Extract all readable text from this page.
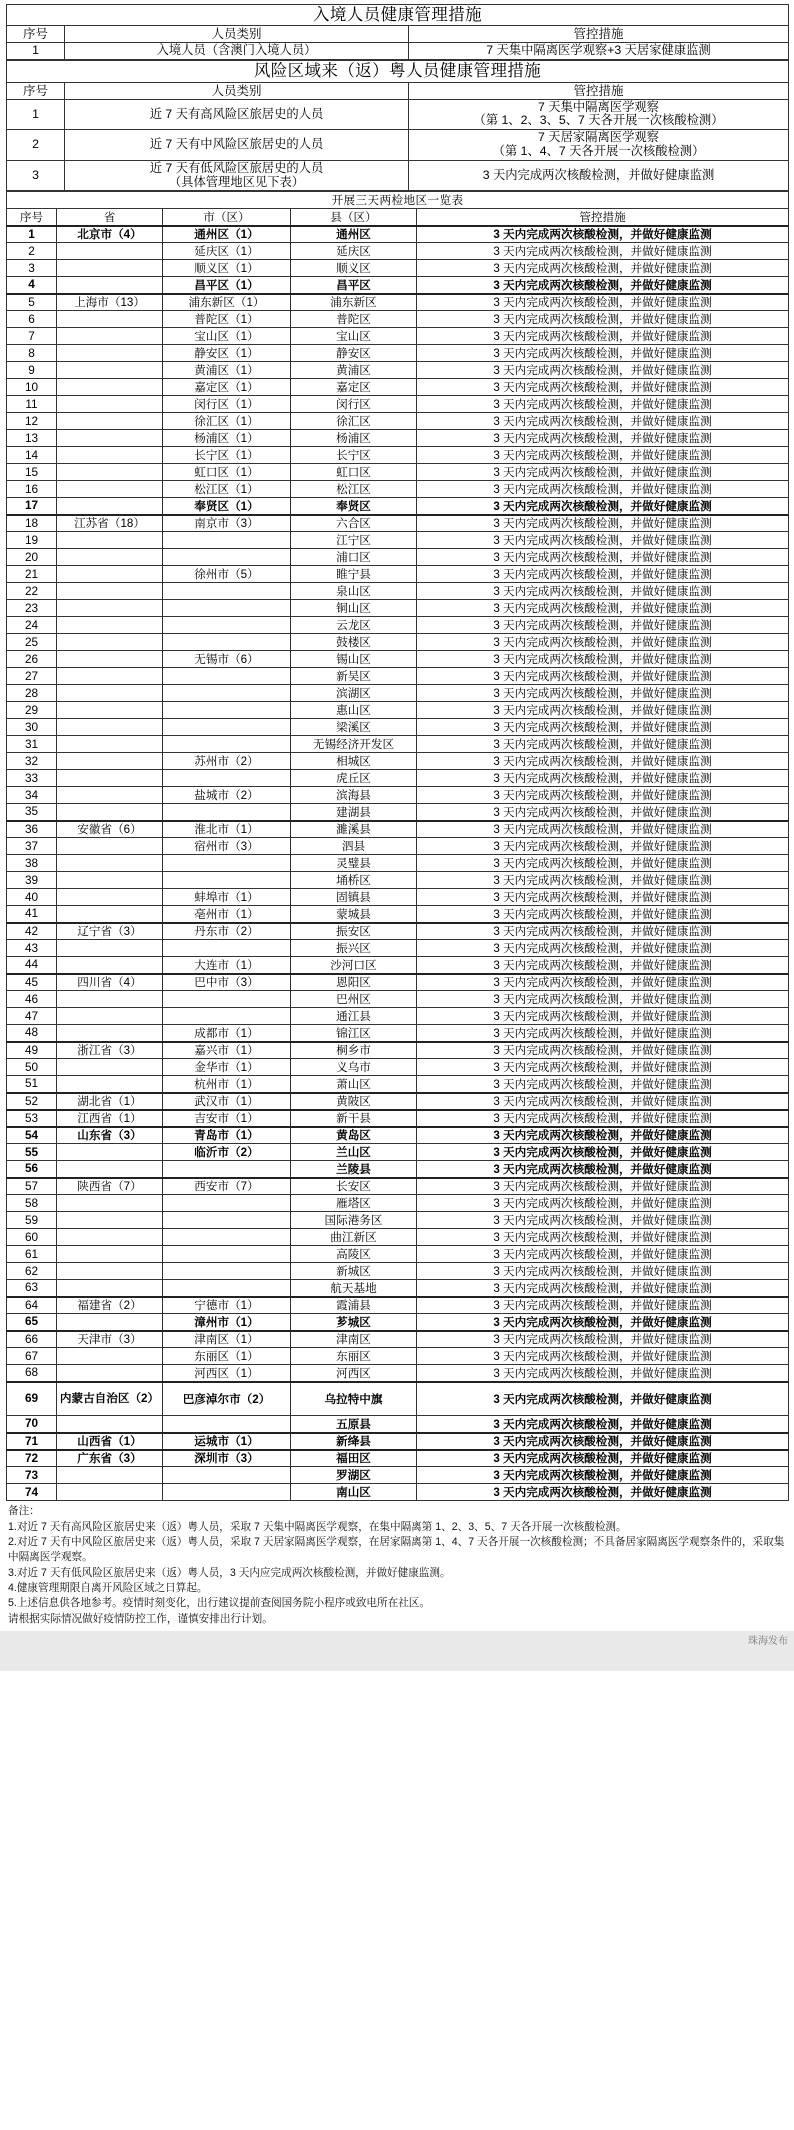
入境人员健康管理措施		
序号	人员类别	管控措施
1	入境人员（含澳门入境人员）	7 天集中隔离医学观察+3 天居家健康监测
风险区域来（返）粤人员健康管理措施		
序号	人员类别	管控措施
1	近 7 天有高风险区旅居史的人员	7 天集中隔离医学观察
（第 1、2、3、5、7 天各开展一次核酸检测）

2	近 7 天有中风险区旅居史的人员	7 天居家隔离医学观察
（第 1、4、7 天各开展一次核酸检测）

3	近 7 天有低风险区旅居史的人员
（具体管理地区见下表）	3 天内完成两次核酸检测，并做好健康监测
开展三天两检地区一览表				
序号	省	市（区）	县（区）	管控措施
1	北京市（4）	通州区（1）	通州区	3 天内完成两次核酸检测，并做好健康监测
2		延庆区（1）	延庆区	3 天内完成两次核酸检测，并做好健康监测
3		顺义区（1）	顺义区	3 天内完成两次核酸检测，并做好健康监测
4		昌平区（1）	昌平区	3 天内完成两次核酸检测，并做好健康监测
5	上海市（13）	浦东新区（1）	浦东新区	3 天内完成两次核酸检测，并做好健康监测
6		普陀区（1）	普陀区	3 天内完成两次核酸检测，并做好健康监测
7		宝山区（1）	宝山区	3 天内完成两次核酸检测，并做好健康监测
8		静安区（1）	静安区	3 天内完成两次核酸检测，并做好健康监测
9		黄浦区（1）	黄浦区	3 天内完成两次核酸检测，并做好健康监测
10		嘉定区（1）	嘉定区	3 天内完成两次核酸检测，并做好健康监测
11		闵行区（1）	闵行区	3 天内完成两次核酸检测，并做好健康监测
12		徐汇区（1）	徐汇区	3 天内完成两次核酸检测，并做好健康监测
13		杨浦区（1）	杨浦区	3 天内完成两次核酸检测，并做好健康监测
14		长宁区（1）	长宁区	3 天内完成两次核酸检测，并做好健康监测
15		虹口区（1）	虹口区	3 天内完成两次核酸检测，并做好健康监测
16		松江区（1）	松江区	3 天内完成两次核酸检测，并做好健康监测
17		奉贤区（1）	奉贤区	3 天内完成两次核酸检测，并做好健康监测
18	江苏省（18）	南京市（3）	六合区	3 天内完成两次核酸检测，并做好健康监测
19			江宁区	3 天内完成两次核酸检测，并做好健康监测
20			浦口区	3 天内完成两次核酸检测，并做好健康监测
21		徐州市（5）	睢宁县	3 天内完成两次核酸检测，并做好健康监测
22			泉山区	3 天内完成两次核酸检测，并做好健康监测
23			铜山区	3 天内完成两次核酸检测，并做好健康监测
24			云龙区	3 天内完成两次核酸检测，并做好健康监测
25			鼓楼区	3 天内完成两次核酸检测，并做好健康监测
26		无锡市（6）	锡山区	3 天内完成两次核酸检测，并做好健康监测
27			新吴区	3 天内完成两次核酸检测，并做好健康监测
28			滨湖区	3 天内完成两次核酸检测，并做好健康监测
29			惠山区	3 天内完成两次核酸检测，并做好健康监测
30			梁溪区	3 天内完成两次核酸检测，并做好健康监测
31			无锡经济开发区	3 天内完成两次核酸检测，并做好健康监测
32		苏州市（2）	相城区	3 天内完成两次核酸检测，并做好健康监测
33			虎丘区	3 天内完成两次核酸检测，并做好健康监测
34		盐城市（2）	滨海县	3 天内完成两次核酸检测，并做好健康监测
35			建湖县	3 天内完成两次核酸检测，并做好健康监测
36	安徽省（6）	淮北市（1）	濉溪县	3 天内完成两次核酸检测，并做好健康监测
37		宿州市（3）	泗县	3 天内完成两次核酸检测，并做好健康监测
38			灵璧县	3 天内完成两次核酸检测，并做好健康监测
39			埇桥区	3 天内完成两次核酸检测，并做好健康监测
40		蚌埠市（1）	固镇县	3 天内完成两次核酸检测，并做好健康监测
41		亳州市（1）	蒙城县	3 天内完成两次核酸检测，并做好健康监测
42	辽宁省（3）	丹东市（2）	振安区	3 天内完成两次核酸检测，并做好健康监测
43			振兴区	3 天内完成两次核酸检测，并做好健康监测
44		大连市（1）	沙河口区	3 天内完成两次核酸检测，并做好健康监测
45	四川省（4）	巴中市（3）	恩阳区	3 天内完成两次核酸检测，并做好健康监测
46			巴州区	3 天内完成两次核酸检测，并做好健康监测
47			通江县	3 天内完成两次核酸检测，并做好健康监测
48		成都市（1）	锦江区	3 天内完成两次核酸检测，并做好健康监测
49	浙江省（3）	嘉兴市（1）	桐乡市	3 天内完成两次核酸检测，并做好健康监测
50		金华市（1）	义乌市	3 天内完成两次核酸检测，并做好健康监测
51		杭州市（1）	萧山区	3 天内完成两次核酸检测，并做好健康监测
52	湖北省（1）	武汉市（1）	黄陂区	3 天内完成两次核酸检测，并做好健康监测
53	江西省（1）	吉安市（1）	新干县	3 天内完成两次核酸检测，并做好健康监测
54	山东省（3）	青岛市（1）	黄岛区	3 天内完成两次核酸检测，并做好健康监测
55		临沂市（2）	兰山区	3 天内完成两次核酸检测，并做好健康监测
56			兰陵县	3 天内完成两次核酸检测，并做好健康监测
57	陕西省（7）	西安市（7）	长安区	3 天内完成两次核酸检测，并做好健康监测
58			雁塔区	3 天内完成两次核酸检测，并做好健康监测
59			国际港务区	3 天内完成两次核酸检测，并做好健康监测
60			曲江新区	3 天内完成两次核酸检测，并做好健康监测
61			高陵区	3 天内完成两次核酸检测，并做好健康监测
62			新城区	3 天内完成两次核酸检测，并做好健康监测
63			航天基地	3 天内完成两次核酸检测，并做好健康监测
64	福建省（2）	宁德市（1）	霞浦县	3 天内完成两次核酸检测，并做好健康监测
65		漳州市（1）	芗城区	3 天内完成两次核酸检测，并做好健康监测
66	天津市（3）	津南区（1）	津南区	3 天内完成两次核酸检测，并做好健康监测
67		东丽区（1）	东丽区	3 天内完成两次核酸检测，并做好健康监测
68		河西区（1）	河西区	3 天内完成两次核酸检测，并做好健康监测
69	内蒙古自治区（2）	巴彦淖尔市（2）	乌拉特中旗	3 天内完成两次核酸检测，并做好健康监测
70			五原县	3 天内完成两次核酸检测，并做好健康监测
71	山西省（1）	运城市（1）	新绛县	3 天内完成两次核酸检测，并做好健康监测
72	广东省（3）	深圳市（3）	福田区	3 天内完成两次核酸检测，并做好健康监测
73			罗湖区	3 天内完成两次核酸检测，并做好健康监测
74			南山区	3 天内完成两次核酸检测，并做好健康监测

备注：

1.对近 7 天有高风险区旅居史来（返）粤人员，采取 7 天集中隔离医学观察，在集中隔离第 1、2、3、5、7 天各开展一次核酸检测。

2.对近 7 天有中风险区旅居史来（返）粤人员，采取 7 天居家隔离医学观察，在居家隔离第 1、4、7 天各开展一次核酸检测；不具备居家隔离医学观察条件的，采取集中隔离医学观察。

3.对近 7 天有低风险区旅居史来（返）粤人员，3 天内应完成两次核酸检测，并做好健康监测。

4.健康管理期限自离开风险区域之日算起。

5.上述信息供各地参考。疫情时刻变化，出行建议提前查阅国务院小程序或致电所在社区。

请根据实际情况做好疫情防控工作，谨慎安排出行计划。

珠海发布
